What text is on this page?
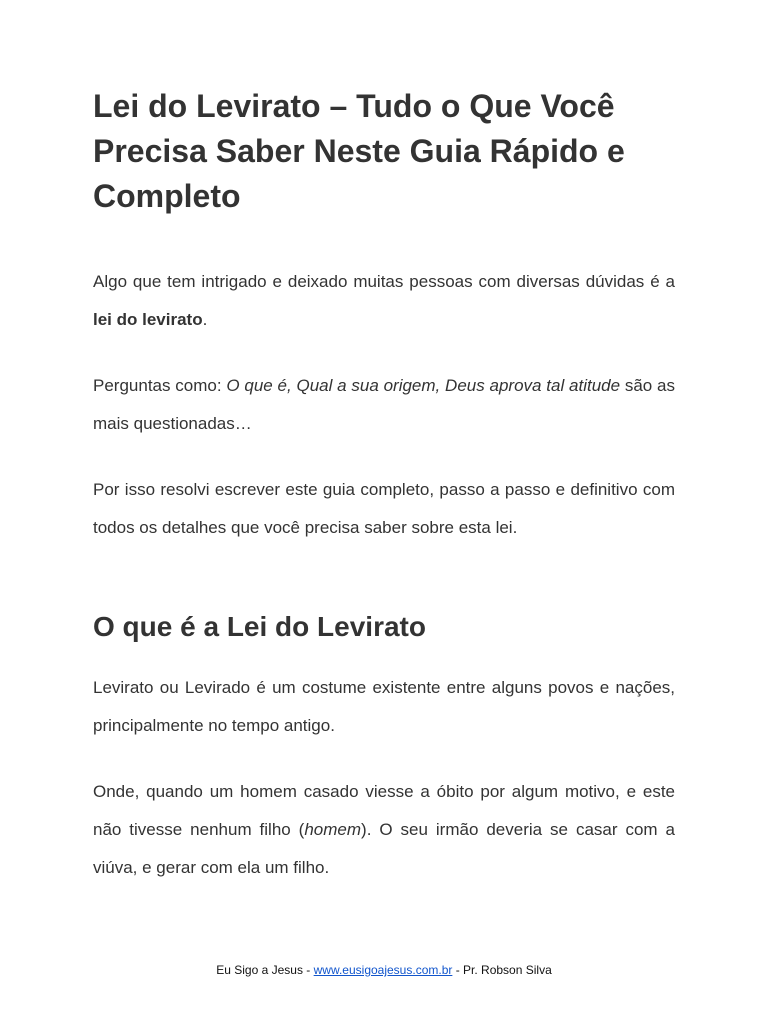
Lei do Levirato – Tudo o Que Você Precisa Saber Neste Guia Rápido e Completo

Algo que tem intrigado e deixado muitas pessoas com diversas dúvidas é a lei do levirato.

Perguntas como: O que é, Qual a sua origem, Deus aprova tal atitude são as mais questionadas…

Por isso resolvi escrever este guia completo, passo a passo e definitivo com todos os detalhes que você precisa saber sobre esta lei.

O que é a Lei do Levirato

Levirato ou Levirado é um costume existente entre alguns povos e nações, principalmente no tempo antigo.

Onde, quando um homem casado viesse a óbito por algum motivo, e este não tivesse nenhum filho (homem). O seu irmão deveria se casar com a viúva, e gerar com ela um filho.

Eu Sigo a Jesus - www.eusigoajesus.com.br - Pr. Robson Silva
